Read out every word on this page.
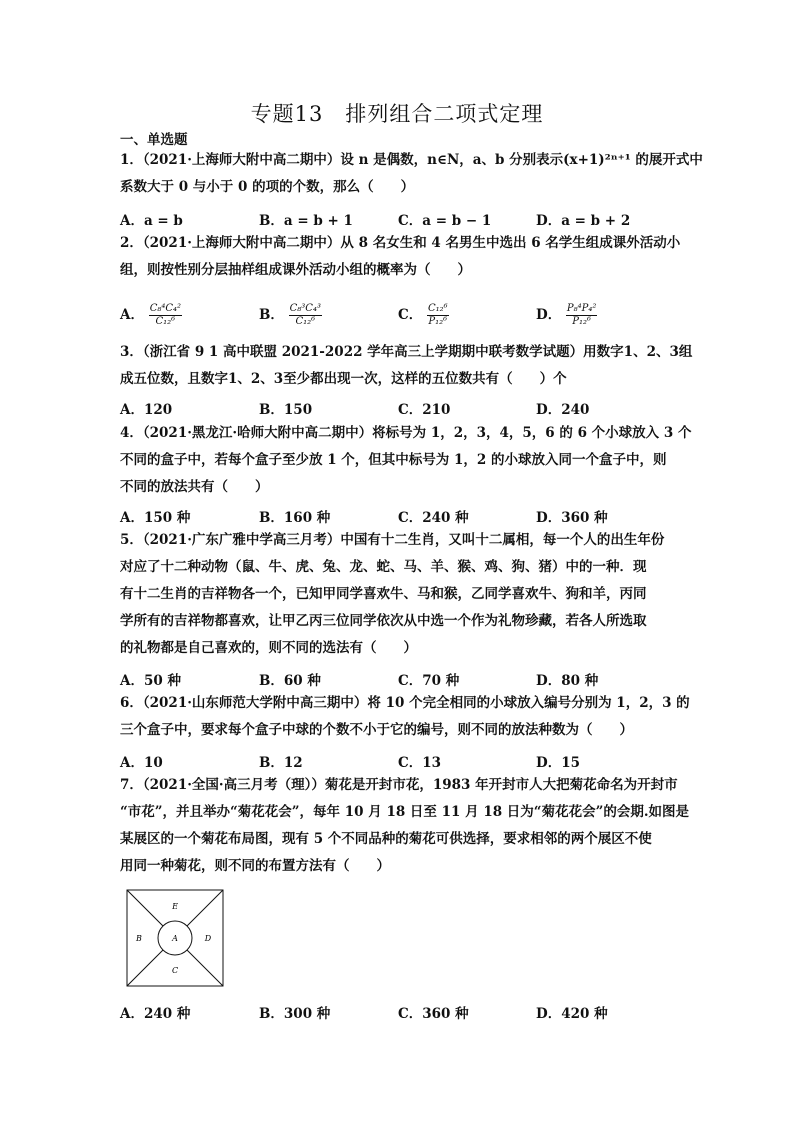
专题13　排列组合二项式定理
一、单选题
1．（2021·上海师大附中高二期中）设 n 是偶数，n∈N，a、b 分别表示(x+1)²ⁿ⁺¹ 的展开式中
系数大于 0 与小于 0 的项的个数，那么（　　）
A．a = b	B．a = b + 1	C．a = b − 1	D．a = b + 2
2．（2021·上海师大附中高二期中）从 8 名女生和 4 名男生中选出 6 名学生组成课外活动小
组，则按性别分层抽样组成课外活动小组的概率为（　　）
A． $\frac{\text{C₈⁴C₄²}}{\text{C₁₂⁶}}$	B． $\frac{\text{C₈³C₄³}}{\text{C₁₂⁶}}$	C． $\frac{\text{C₁₂⁶}}{\text{P₁₂⁶}}$	D． $\frac{\text{P₈⁴P₄²}}{\text{P₁₂⁶}}$
3．（浙江省 9 1 高中联盟 2021-2022 学年高三上学期期中联考数学试题）用数字1、2、3组
成五位数，且数字1、2、3至少都出现一次，这样的五位数共有（　　）个
A．120	B．150	C．210	D．240
4．（2021·黑龙江·哈师大附中高二期中）将标号为 1，2，3，4，5，6 的 6 个小球放入 3 个
不同的盒子中，若每个盒子至少放 1 个，但其中标号为 1，2 的小球放入同一个盒子中，则
不同的放法共有（　　）
A．150 种	B．160 种	C．240 种	D．360 种
5．（2021·广东广雅中学高三月考）中国有十二生肖，又叫十二属相，每一个人的出生年份
对应了十二种动物（鼠、牛、虎、兔、龙、蛇、马、羊、猴、鸡、狗、猪）中的一种．现
有十二生肖的吉祥物各一个，已知甲同学喜欢牛、马和猴，乙同学喜欢牛、狗和羊，丙同
学所有的吉祥物都喜欢，让甲乙丙三位同学依次从中选一个作为礼物珍藏，若各人所选取
的礼物都是自己喜欢的，则不同的选法有（　　）
A．50 种	B．60 种	C．70 种	D．80 种
6．（2021·山东师范大学附中高三期中）将 10 个完全相同的小球放入编号分别为 1，2，3 的
三个盒子中，要求每个盒子中球的个数不小于它的编号，则不同的放法种数为（　　）
A．10	B．12	C．13	D．15
7．（2021·全国·高三月考（理））菊花是开封市花，1983 年开封市人大把菊花命名为开封市
“市花”，并且举办“菊花花会”，每年 10 月 18 日至 11 月 18 日为“菊花花会”的会期.如图是
某展区的一个菊花布局图，现有 5 个不同品种的菊花可供选择，要求相邻的两个展区不使
用同一种菊花，则不同的布置方法有（　　）
E
B	A	D
C
A．240 种	B．300 种	C．360 种	D．420 种
